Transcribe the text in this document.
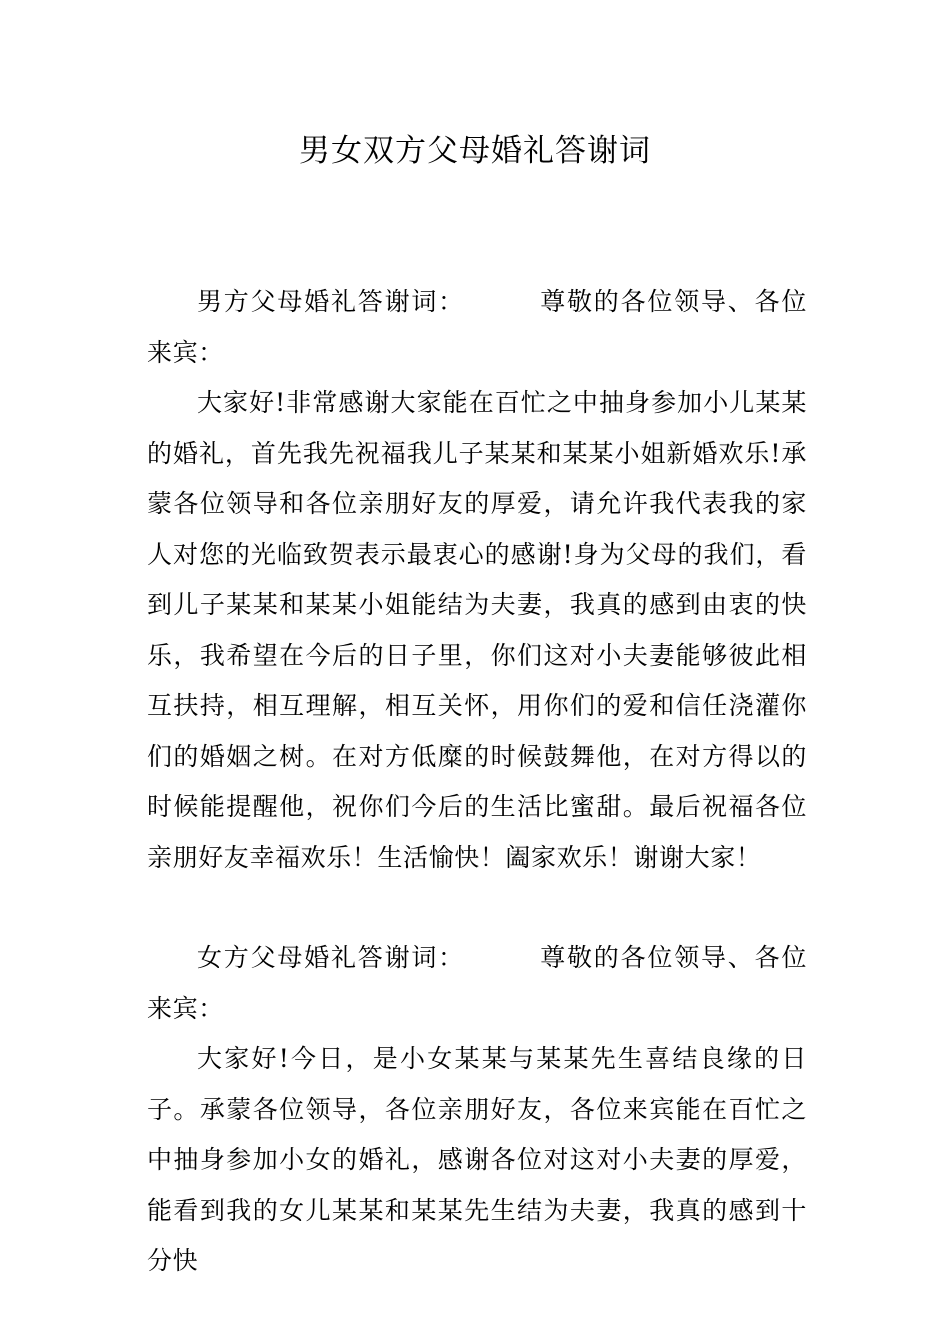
男女双方父母婚礼答谢词

男方父母婚礼答谢词：	尊敬的各位领导、各位来宾：

大家好!非常感谢大家能在百忙之中抽身参加小儿某某的婚礼，首先我先祝福我儿子某某和某某小姐新婚欢乐!承蒙各位领导和各位亲朋好友的厚爱，请允许我代表我的家人对您的光临致贺表示最衷心的感谢!身为父母的我们，看到儿子某某和某某小姐能结为夫妻，我真的感到由衷的快乐，我希望在今后的日子里，你们这对小夫妻能够彼此相互扶持，相互理解，相互关怀，用你们的爱和信任浇灌你们的婚姻之树。在对方低糜的时候鼓舞他，在对方得以的时候能提醒他，祝你们今后的生活比蜜甜。最后祝福各位亲朋好友幸福欢乐！生活愉快！阖家欢乐！谢谢大家！

女方父母婚礼答谢词：	尊敬的各位领导、各位来宾：

大家好!今日，是小女某某与某某先生喜结良缘的日子。承蒙各位领导，各位亲朋好友，各位来宾能在百忙之中抽身参加小女的婚礼，感谢各位对这对小夫妻的厚爱，能看到我的女儿某某和某某先生结为夫妻，我真的感到十分快
